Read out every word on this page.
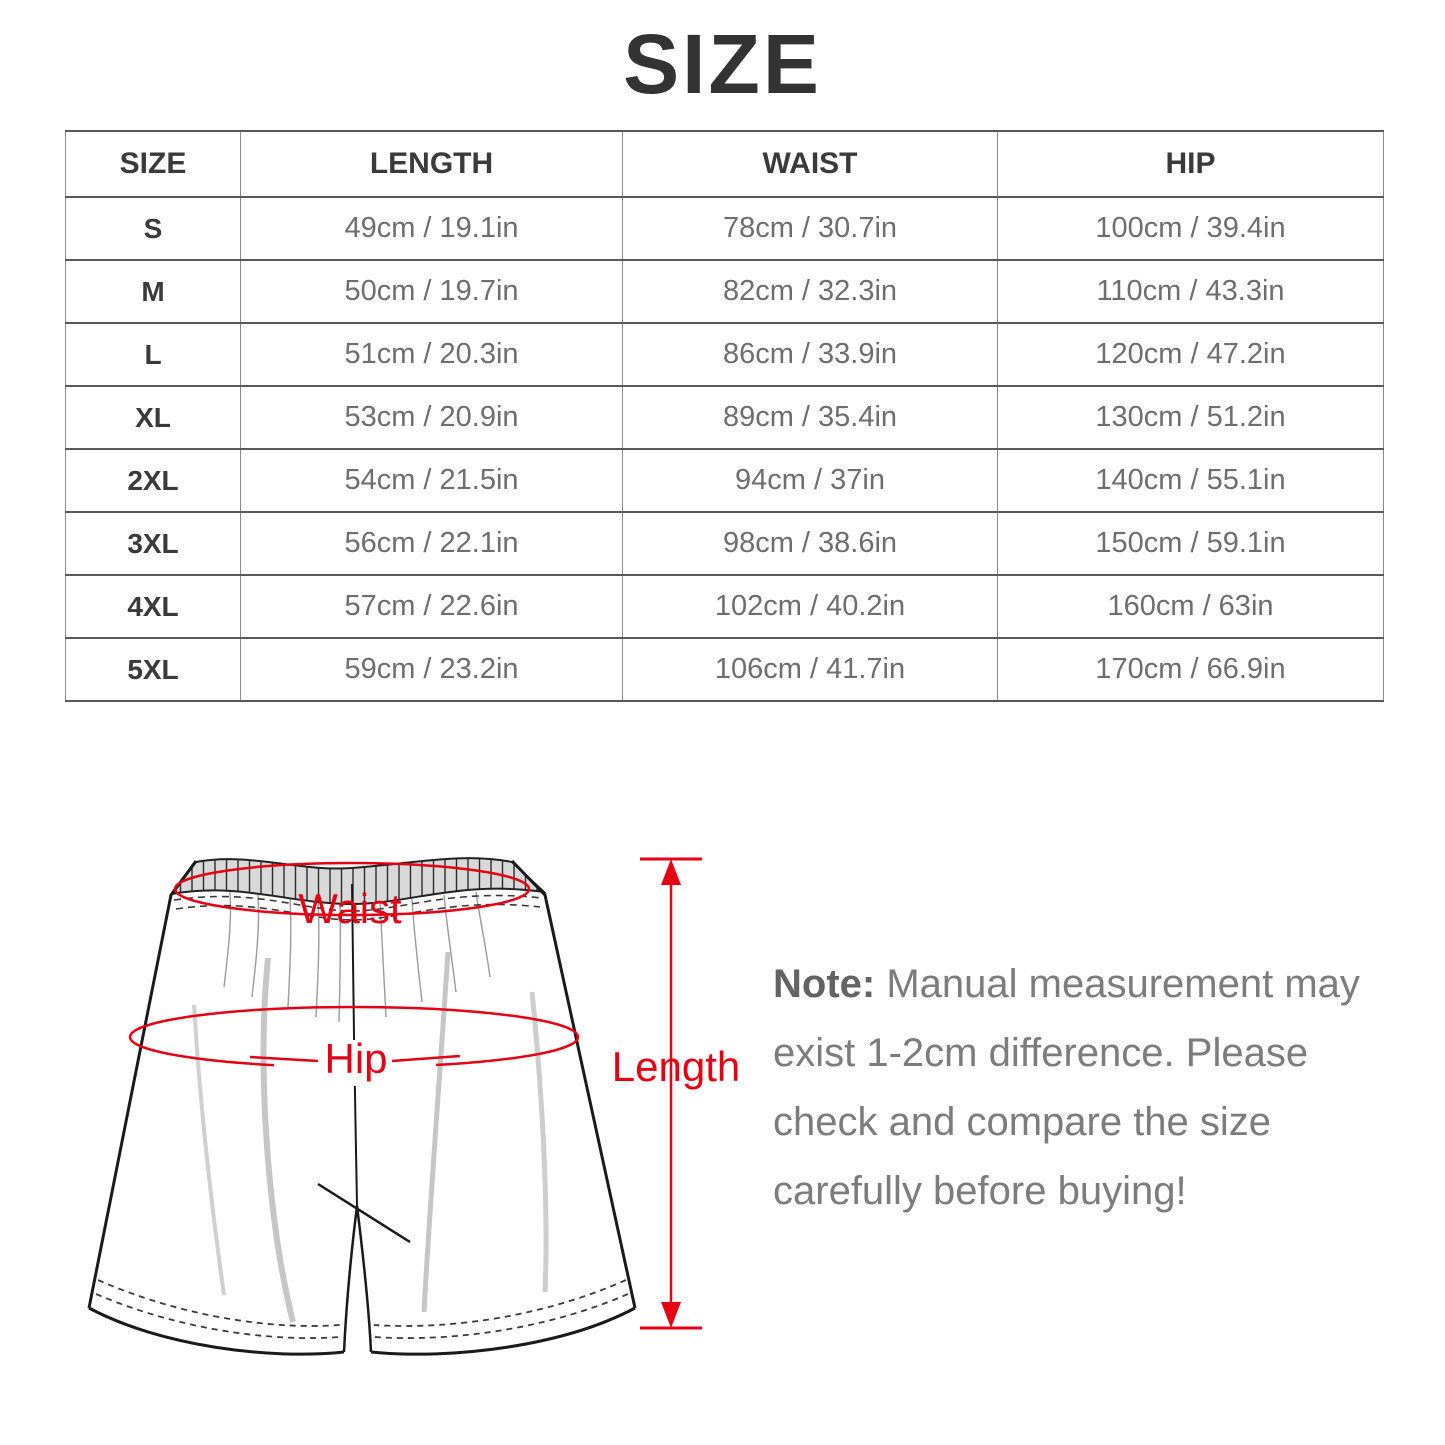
SIZE
SIZE	LENGTH	WAIST	HIP
S	49cm / 19.1in	78cm / 30.7in	100cm / 39.4in
M	50cm / 19.7in	82cm / 32.3in	110cm / 43.3in
L	51cm / 20.3in	86cm / 33.9in	120cm / 47.2in
XL	53cm / 20.9in	89cm / 35.4in	130cm / 51.2in
2XL	54cm / 21.5in	94cm / 37in	140cm / 55.1in
3XL	56cm / 22.1in	98cm / 38.6in	150cm / 59.1in
4XL	57cm / 22.6in	102cm / 40.2in	160cm / 63in
5XL	59cm / 23.2in	106cm / 41.7in	170cm / 66.9in
Waist
Hip	Length
Note: Manual measurement may
exist 1-2cm difference. Please
check and compare the size
carefully before buying!
